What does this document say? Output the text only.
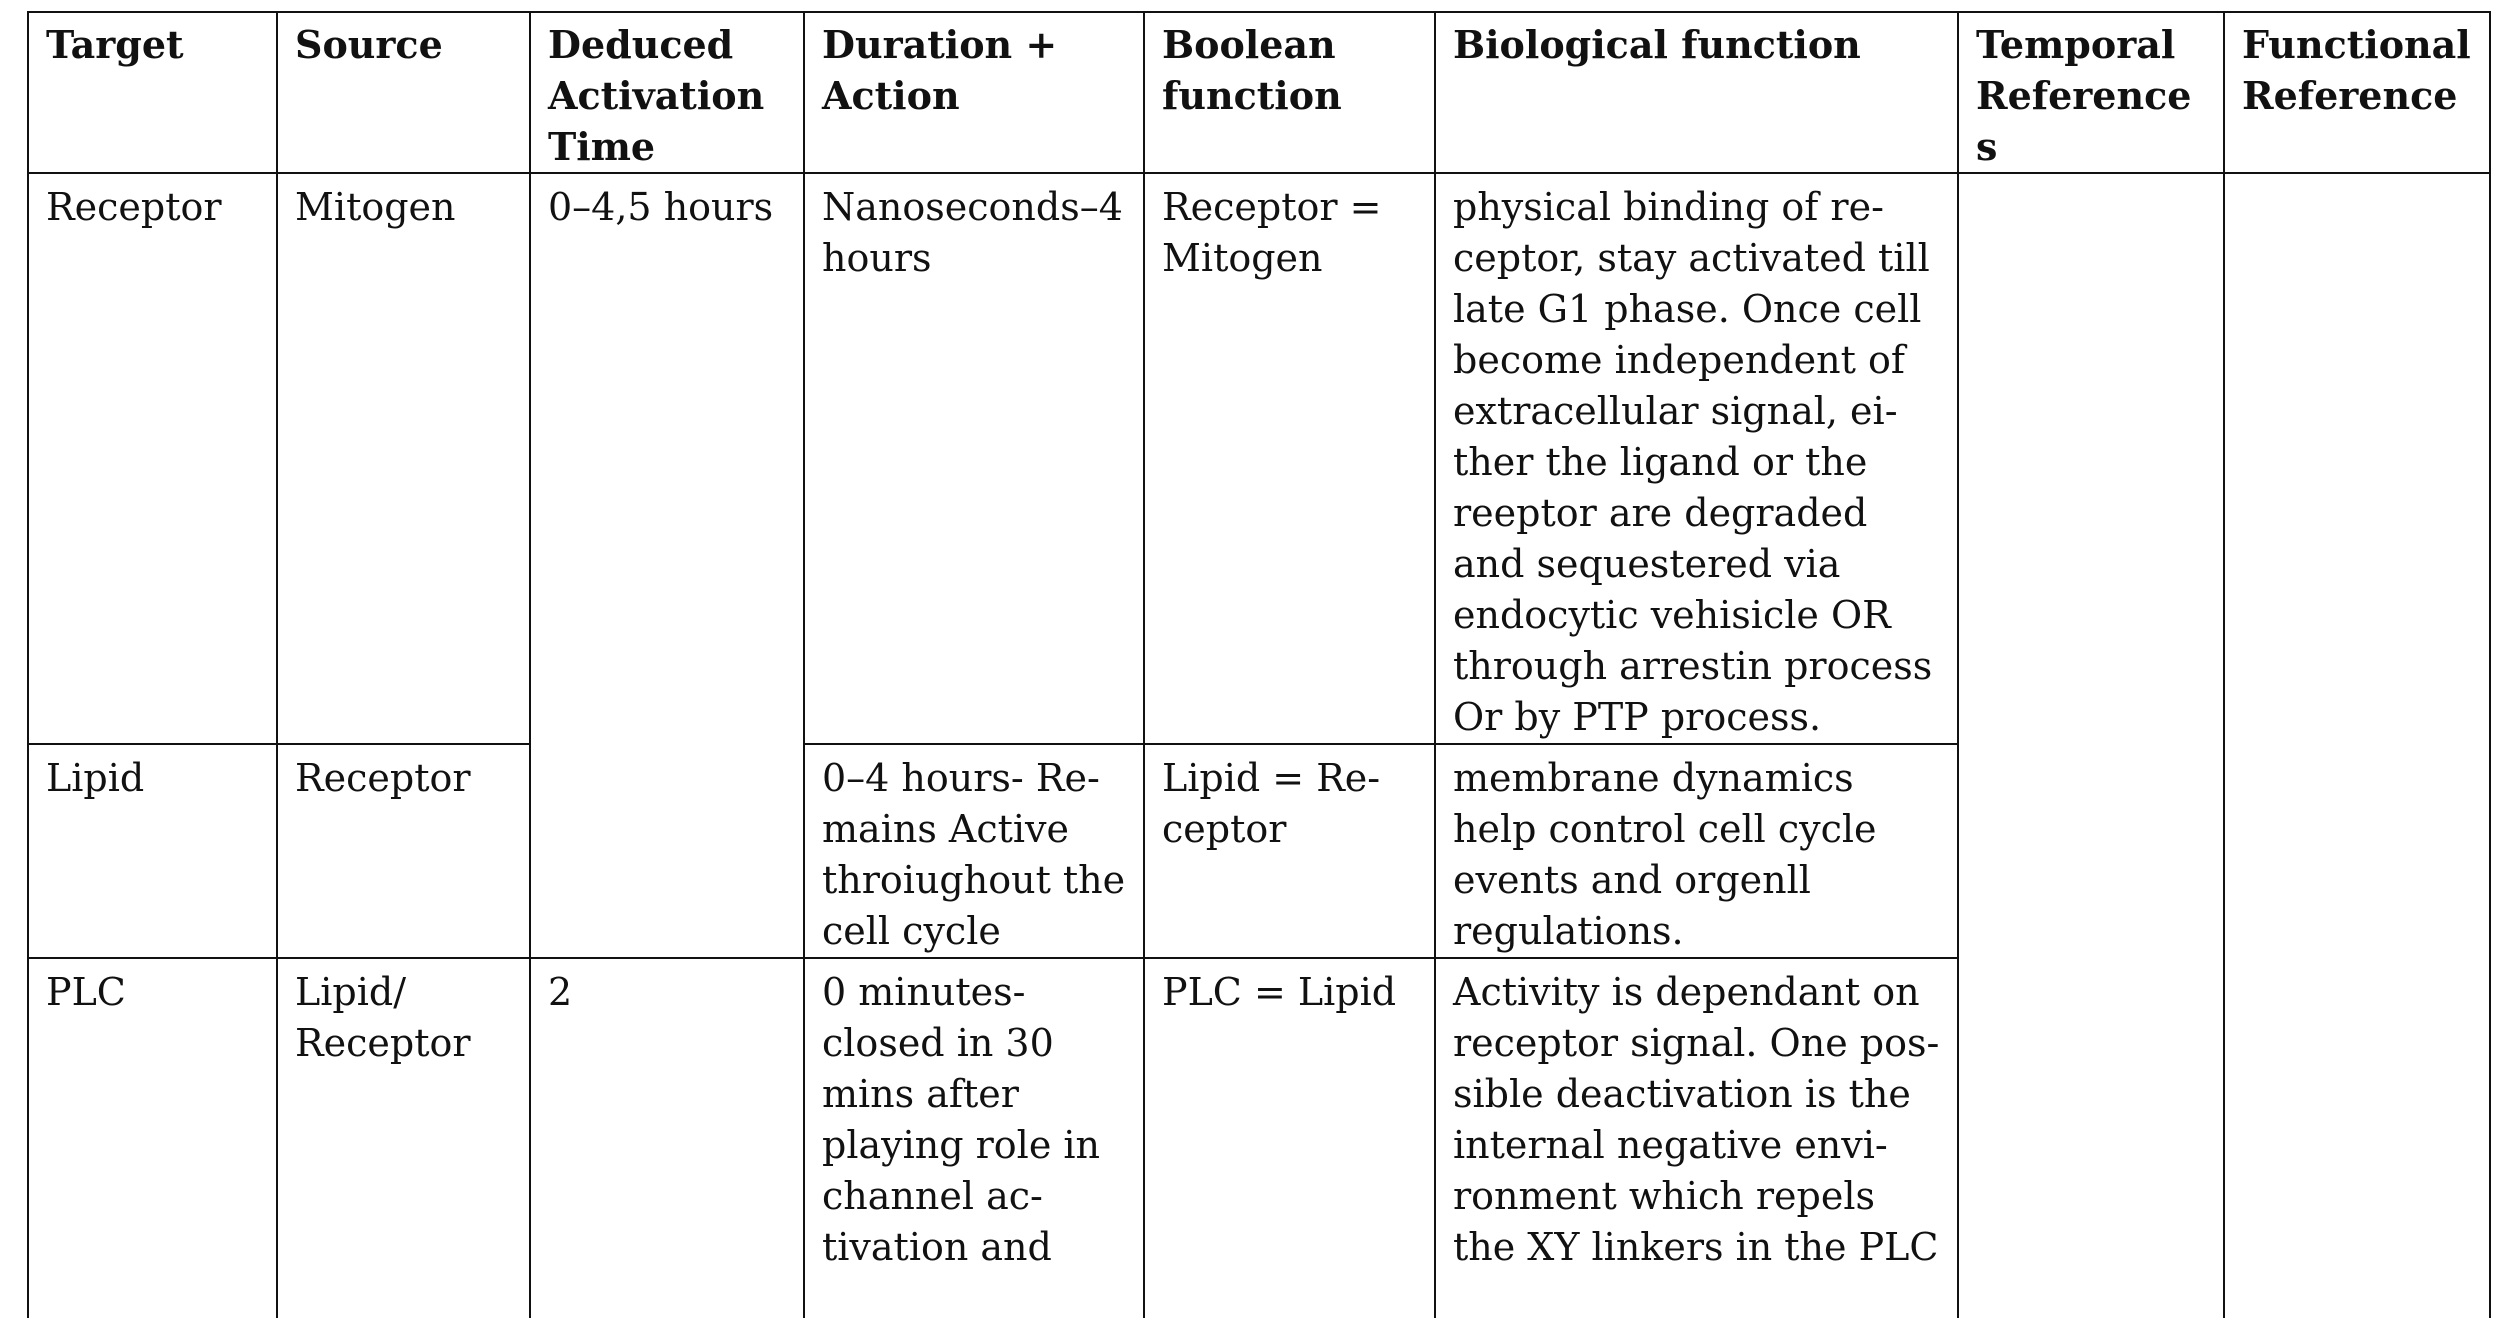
Target	Source	Deduced Activation Time	Duration + Action	Boolean function	Biological function	Temporal References	Functional Reference
Receptor	Mitogen	0–4,5 hours	Nanoseconds–4 hours	Receptor = Mitogen	physical binding of receptor, stay activated till late G1 phase. Once cell become independent of extracellular signal, either the ligand or the reeptor are degraded and sequestered via endocytic vehisicle OR through arrestin process Or by PTP process.		
Lipid	Receptor		0–4 hours- Remains Active throiughout the cell cycle	Lipid = Receptor	membrane dynamics help control cell cycle events and orgenll regulations.		
PLC	Lipid/ Receptor	2	0 minutes- closed in 30 mins after playing role in channel activation and	PLC = Lipid	Activity is dependant on receptor signal. One possible deactivation is the internal negative environment which repels the XY linkers in the PLC		
